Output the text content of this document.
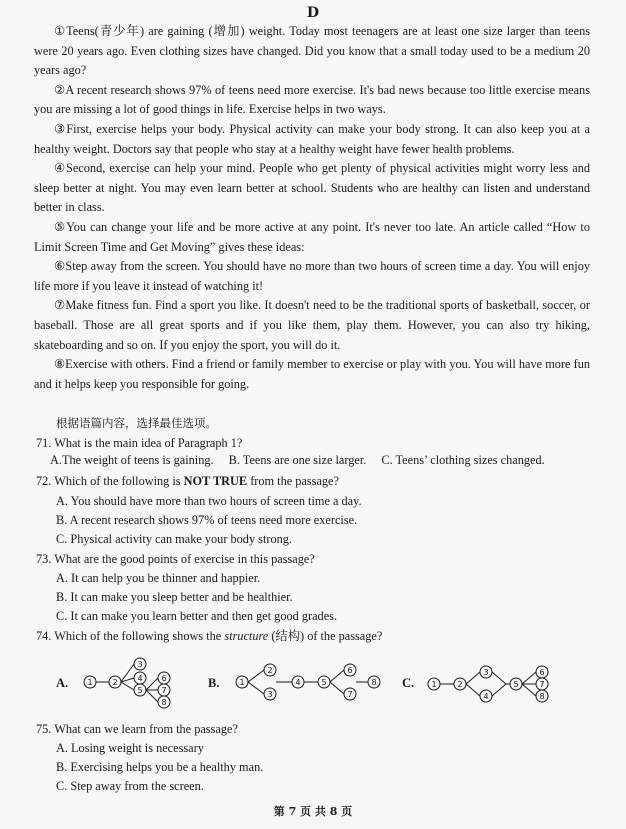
D

①Teens(青少年) are gaining (增加) weight. Today most teenagers are at least one size larger than teens were 20 years ago. Even clothing sizes have changed. Did you know that a small today used to be a medium 20 years ago?

②A recent research shows 97% of teens need more exercise. It's bad news because too little exercise means you are missing a lot of good things in life. Exercise helps in two ways.

③First, exercise helps your body. Physical activity can make your body strong. It can also keep you at a healthy weight. Doctors say that people who stay at a healthy weight have fewer health problems.

④Second, exercise can help your mind. People who get plenty of physical activities might worry less and sleep better at night. You may even learn better at school. Students who are healthy can listen and understand better in class.

⑤You can change your life and be more active at any point. It's never too late. An article called “How to Limit Screen Time and Get Moving” gives these ideas:

⑥Step away from the screen. You should have no more than two hours of screen time a day. You will enjoy life more if you leave it instead of watching it!

⑦Make fitness fun. Find a sport you like. It doesn't need to be the traditional sports of basketball, soccer, or baseball. Those are all great sports and if you like them, play them. However, you can also try hiking, skateboarding and so on. If you enjoy the sport, you will do it.

⑧Exercise with others. Find a friend or family member to exercise or play with you. You will have more fun and it helps keep you responsible for going.

根据语篇内容，选择最佳选项。
71. What is the main idea of Paragraph 1?
A.The weight of teens is gaining. B. Teens are one size larger. C. Teens’ clothing sizes changed.
72. Which of the following is NOT TRUE from the passage?
A. You should have more than two hours of screen time a day.
B. A recent research shows 97% of teens need more exercise.
C. Physical activity can make your body strong.
73. What are the good points of exercise in this passage?
A. It can help you be thinner and happier.
B. It can make you sleep better and be healthier.
C. It can make you learn better and then get good grades.
74. Which of the following shows the structure (结构) of the passage?
A. 1 2
3
4
5
6
7
8
B. 1
2
3
4	5
6
7
8 C. 1	2
3
4
5
6
7
8
75. What can we learn from the passage?
A. Losing weight is necessary
B. Exercising helps you be a healthy man.
C. Step away from the screen.
第 7 页 共 8 页
